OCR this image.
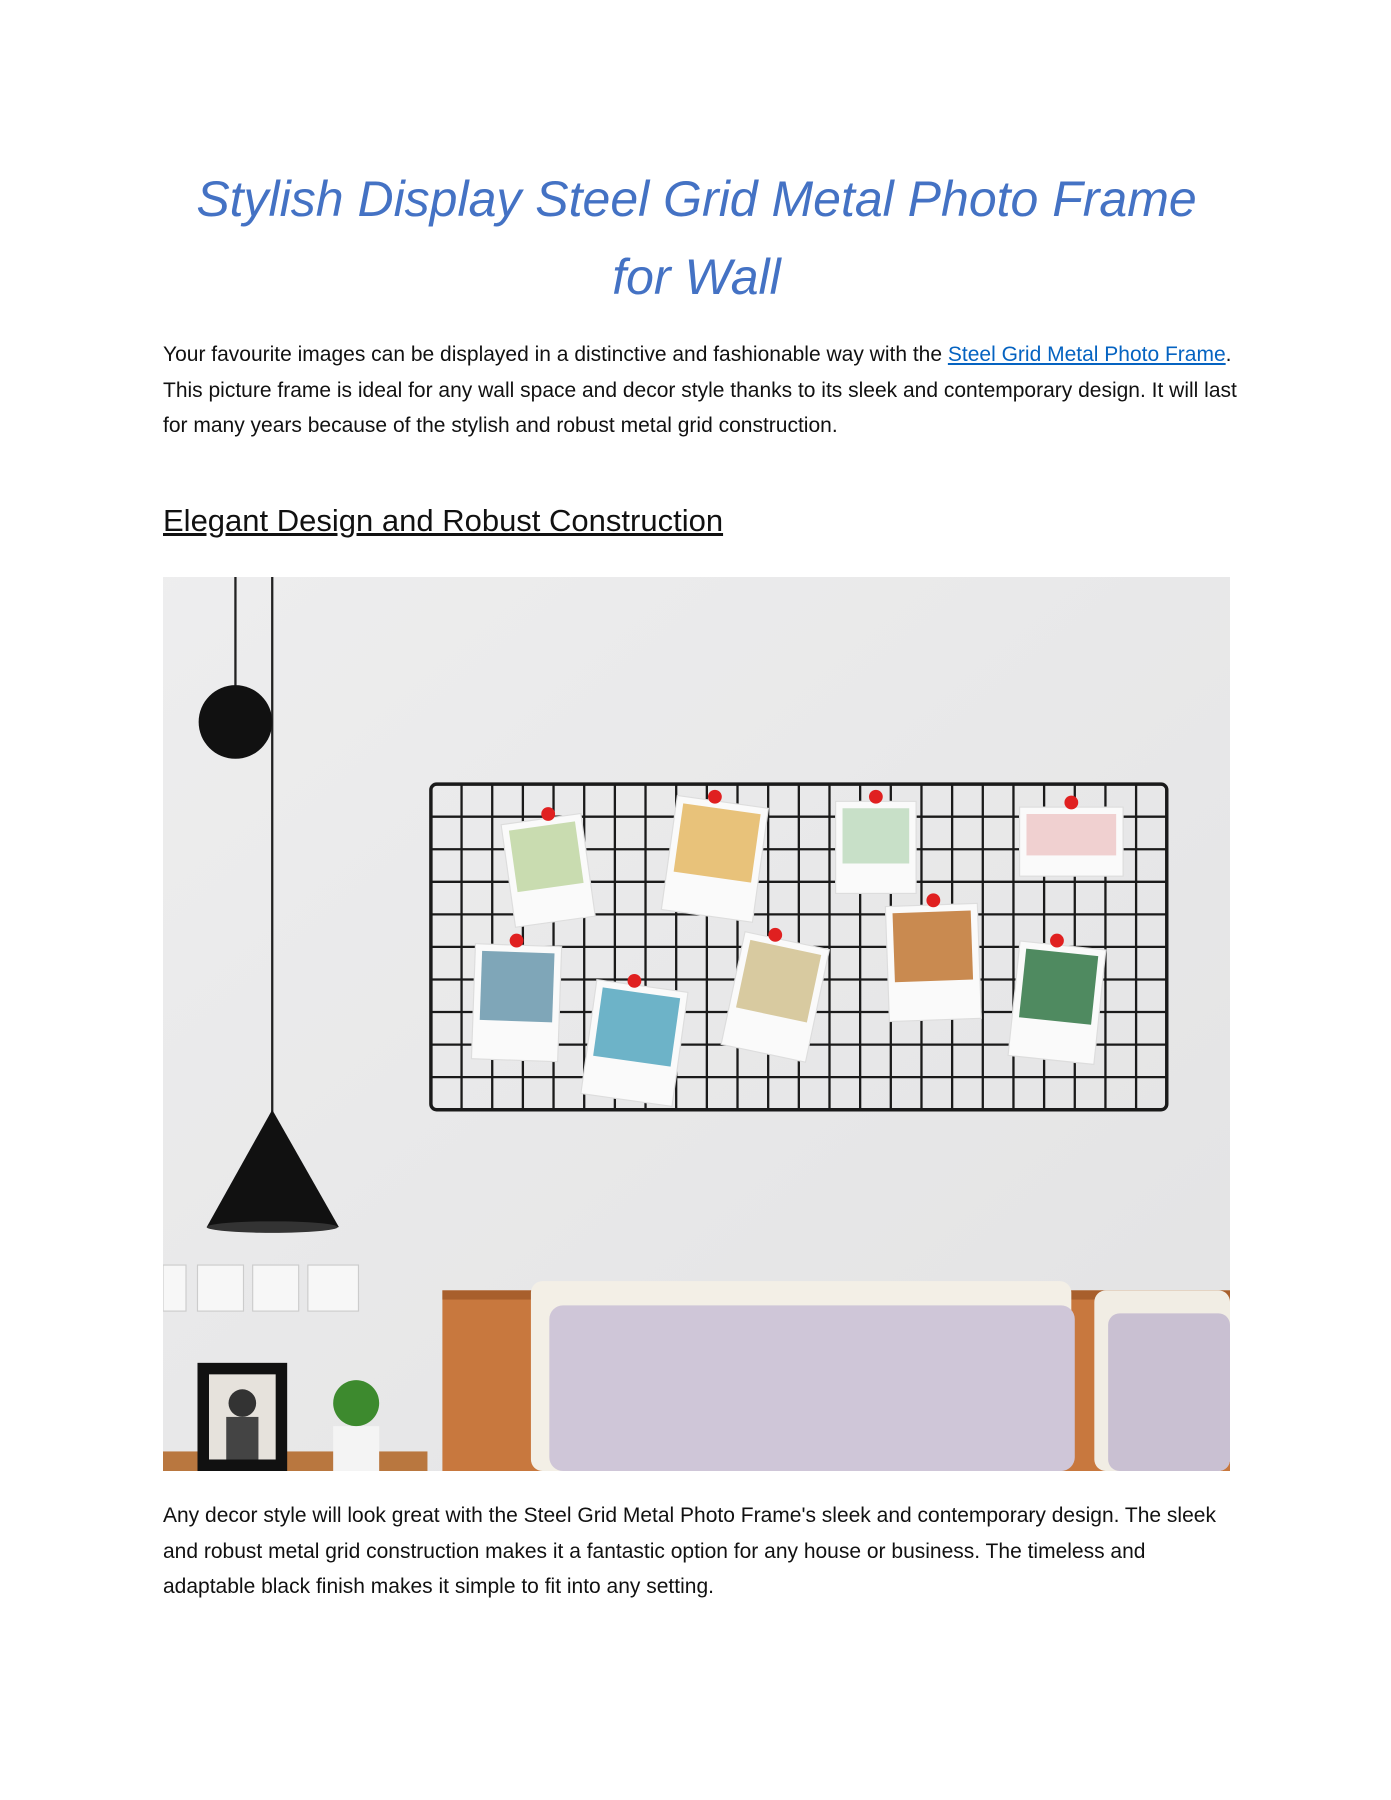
Stylish Display Steel Grid Metal Photo Frame for Wall

Your favourite images can be displayed in a distinctive and fashionable way with the Steel Grid Metal Photo Frame. This picture frame is ideal for any wall space and decor style thanks to its sleek and contemporary design. It will last for many years because of the stylish and robust metal grid construction.

Elegant Design and Robust Construction

Any decor style will look great with the Steel Grid Metal Photo Frame's sleek and contemporary design. The sleek and robust metal grid construction makes it a fantastic option for any house or business. The timeless and adaptable black finish makes it simple to fit into any setting.
